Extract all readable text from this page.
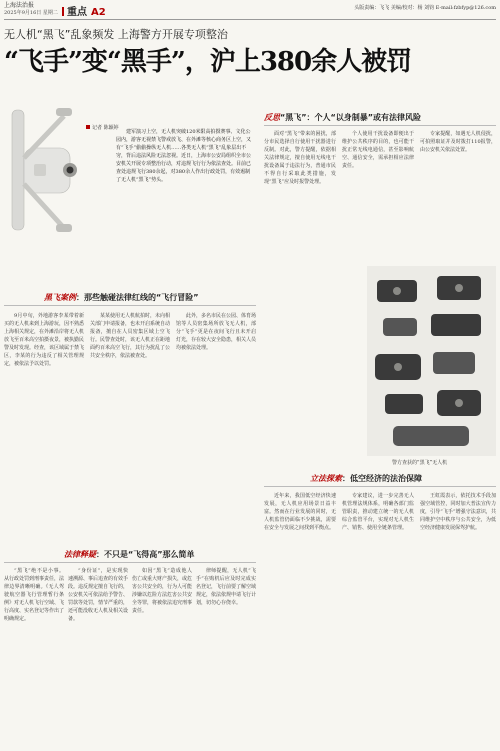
上海法治报
2025年9月16日 星期二 重点 A2	头版责编：飞飞 美编/校对：杨 刘钧 E-mail:fzbfyp@126.com
无人机“黑飞”乱象频发 上海警方开展专项整治
“飞手”变“黑手”，沪上380余人被罚
记者 陈颖婷
建军演习上空，无人机突破120米限高拍摄赛事、文化公园内，游客无视禁飞警戒放飞、在外滩等核心商务区上空，又有“飞手”偷偷操纵无人机……各类无人机“黑飞”乱象层出不穷，背后违法风险无法忽视。近日，上海市公安局组织全市公安机关开展专项整治行动，对违规飞行行为依法查处。目前已查处违规飞行380余起，对380余人作出行政处罚，有效遏制了无人机“黑飞”势头。
反思“黑飞”：个人“以身制暴”或有法律风险
面对“黑飞”带来的困扰，部分市民选择自行使用干扰器进行反制。对此，警方提醒，依据相关法律规定，擅自使用无线电干扰设备属于违法行为，普通市民不得自行采取此类措施，发现“黑飞”应及时报警处理。
个人使用干扰设备即便出于维护公共秩序的目的，也可能干扰正常无线电通信，甚至影响航空、通信安全，需承担相应法律责任。
专家提醒，如遇无人机侵扰，可拍照取证并及时拨打110报警，由公安机关依法处置。
黑飞案例：那些触碰法律红线的“飞行冒险”
9月中旬，外地游客李某带着新买的无人机来到上海游玩，因不熟悉上海相关规定，在外滩沿岸将无人机放飞至百米高空拍摄夜景，被执勤民警及时发现。经查，该区域属于禁飞区，李某的行为违反了相关管理规定，被依法予以处罚。
某某使用无人机航拍时，未向相关部门申请报备，也未开启系统自动报备，擅自在人员密集区域上空飞行。民警查处时，该无人机正在距地面约百米高空飞行，其行为扰乱了公共安全秩序，依法被查处。
此外，多名市民在公园、体育场馆等人员密集场所放飞无人机，部分“飞手”更是在夜间飞行且未开启灯光，存在较大安全隐患，相关人员均被依法处理。
警方查获的“黑飞”无人机
法律释疑：不只是“飞得高”那么简单
“黑飞”绝不是小事。从行政处罚到刑事责任，法律边界清晰明确。《无人驾驶航空器飞行管理暂行条例》对无人机飞行空域、飞行高度、实名登记等作出了明确规定。
“身份证”，是实现快速溯源、事后追查的有效手段。违反规定擅自飞行的，公安机关可依法给予警告、罚款等处罚，情节严重的，还可能没收无人机及相关设备。
如因“黑飞”造成他人伤亡或重大财产损失，或危害公共安全的，行为人可能涉嫌以危险方法危害公共安全等罪，将被依法追究刑事责任。
律师提醒，无人机“飞手”在购机后应及时完成实名登记，飞行前要了解空域规定，依法依规申请飞行计划，切勿心存侥幸。
立法探索：低空经济的法治保障
近年来，我国低空经济快速发展，无人机应用场景日益丰富。然而在行业发展的同时，无人机监管仍面临不少挑战，需要在安全与发展之间找到平衡点。
专家建议，进一步完善无人机管理法规体系，明确各部门监管职责，推动建立统一的无人机综合监管平台，实现对无人机生产、销售、使用全链条管理。
王虹霞表示，依托技术手段加强空域管控，同时加大普法宣传力度，引导“飞手”增强守法意识，共同维护空中秩序与公共安全，为低空经济健康发展保驾护航。
